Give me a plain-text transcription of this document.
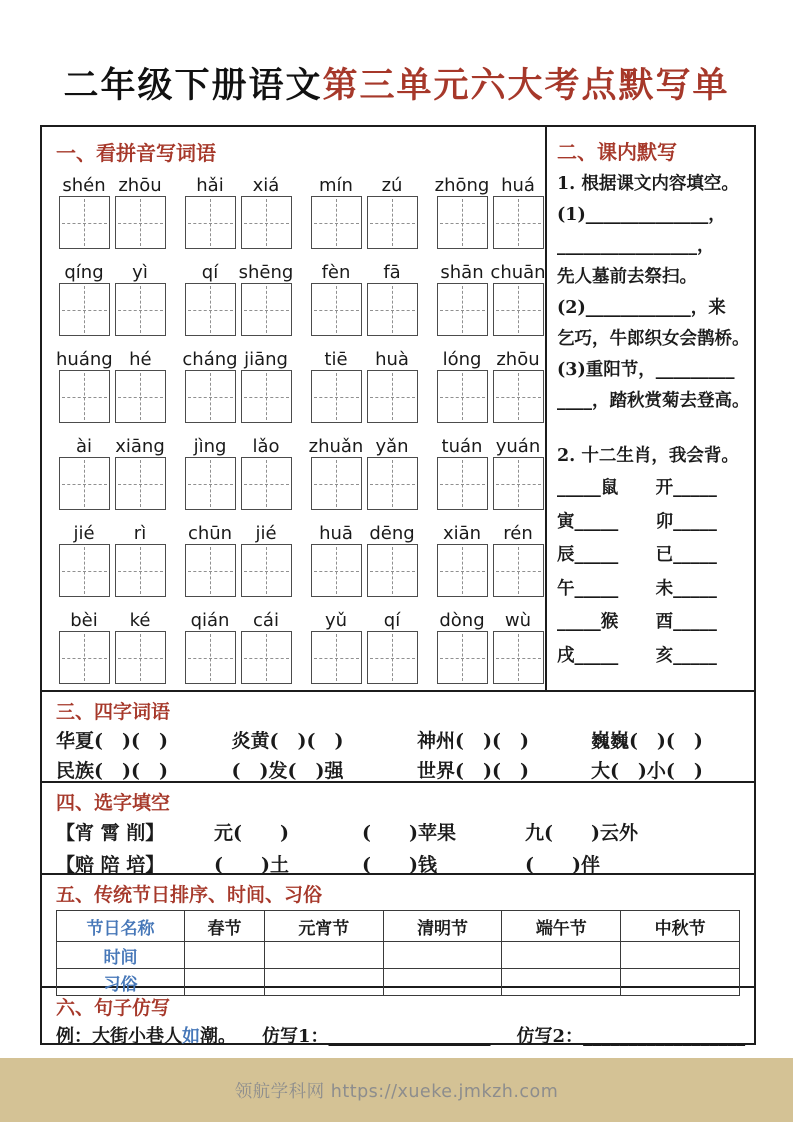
二年级下册语文第三单元六大考点默写单
一、看拼音写词语
shén zhōu	hǎi	xiá	mín	zú	zhōng huá
qíng	yì	qí	shēng	fèn	fā	shān chuān
huáng hé	cháng jiāng	tiē	huà	lóng zhōu
ài	xiāng	jìng	lǎo	zhuǎn yǎn	tuán yuán
jié	rì	chūn	jié	huā dēng	xiān	rén
bèi	ké	qián	cái	yǔ	qí	dòng	wù
二、课内默写
1. 根据课文内容填空。
(1)______________，
________________，
先人墓前去祭扫。
(2)____________，来
乞巧，牛郎织女会鹊桥。
(3)重阳节，_________
____，踏秋赏菊去登高。
2. 十二生肖，我会背。
_____鼠	开_____
寅_____	卯_____
辰_____	已_____
午_____	未_____
_____猴	酉_____
戌_____	亥_____
三、四字词语
华夏(　)(　)	炎黄(　)(　)	神州(　)(　)	巍巍(　)(　)
民族(　)(　)	(　)发(　)强	世界(　)(　)	大(　)小(　)
四、选字填空
【宵 霄 削】	元(　　)	(　　)苹果	九(　　)云外
【赔 陪 培】	(　　)土	(　　)钱	(　　)伴
五、传统节日排序、时间、习俗
节日名称	春节	元宵节	清明节	端午节	中秋节
时间					
习俗					
六、句子仿写
例：大街小巷人如潮。 仿写1：__________________ 仿写2：__________________
领航学科网 https://xueke.jmkzh.com
